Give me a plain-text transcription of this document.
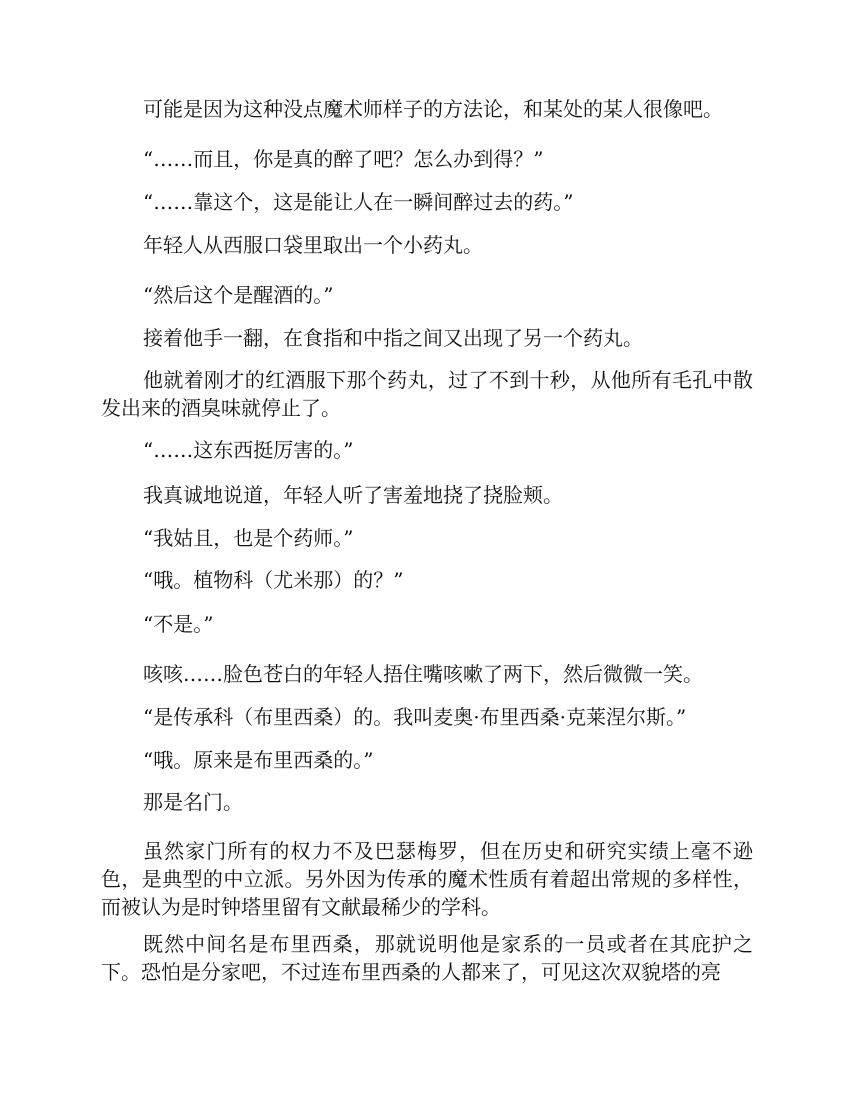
可能是因为这种没点魔术师样子的方法论，和某处的某人很像吧。

“……而且，你是真的醉了吧？怎么办到得？”

“……靠这个，这是能让人在一瞬间醉过去的药。”

年轻人从西服口袋里取出一个小药丸。

“然后这个是醒酒的。”

接着他手一翻，在食指和中指之间又出现了另一个药丸。

他就着刚才的红酒服下那个药丸，过了不到十秒，从他所有毛孔中散发出来的酒臭味就停止了。

“……这东西挺厉害的。”

我真诚地说道，年轻人听了害羞地挠了挠脸颊。

“我姑且，也是个药师。”

“哦。植物科（尤米那）的？”

“不是。”

咳咳……脸色苍白的年轻人捂住嘴咳嗽了两下，然后微微一笑。

“是传承科（布里西桑）的。我叫麦奥·布里西桑·克莱涅尔斯。”

“哦。原来是布里西桑的。”

那是名门。

虽然家门所有的权力不及巴瑟梅罗，但在历史和研究实绩上毫不逊色，是典型的中立派。另外因为传承的魔术性质有着超出常规的多样性，而被认为是时钟塔里留有文献最稀少的学科。

既然中间名是布里西桑，那就说明他是家系的一员或者在其庇护之下。恐怕是分家吧，不过连布里西桑的人都来了，可见这次双貌塔的亮
